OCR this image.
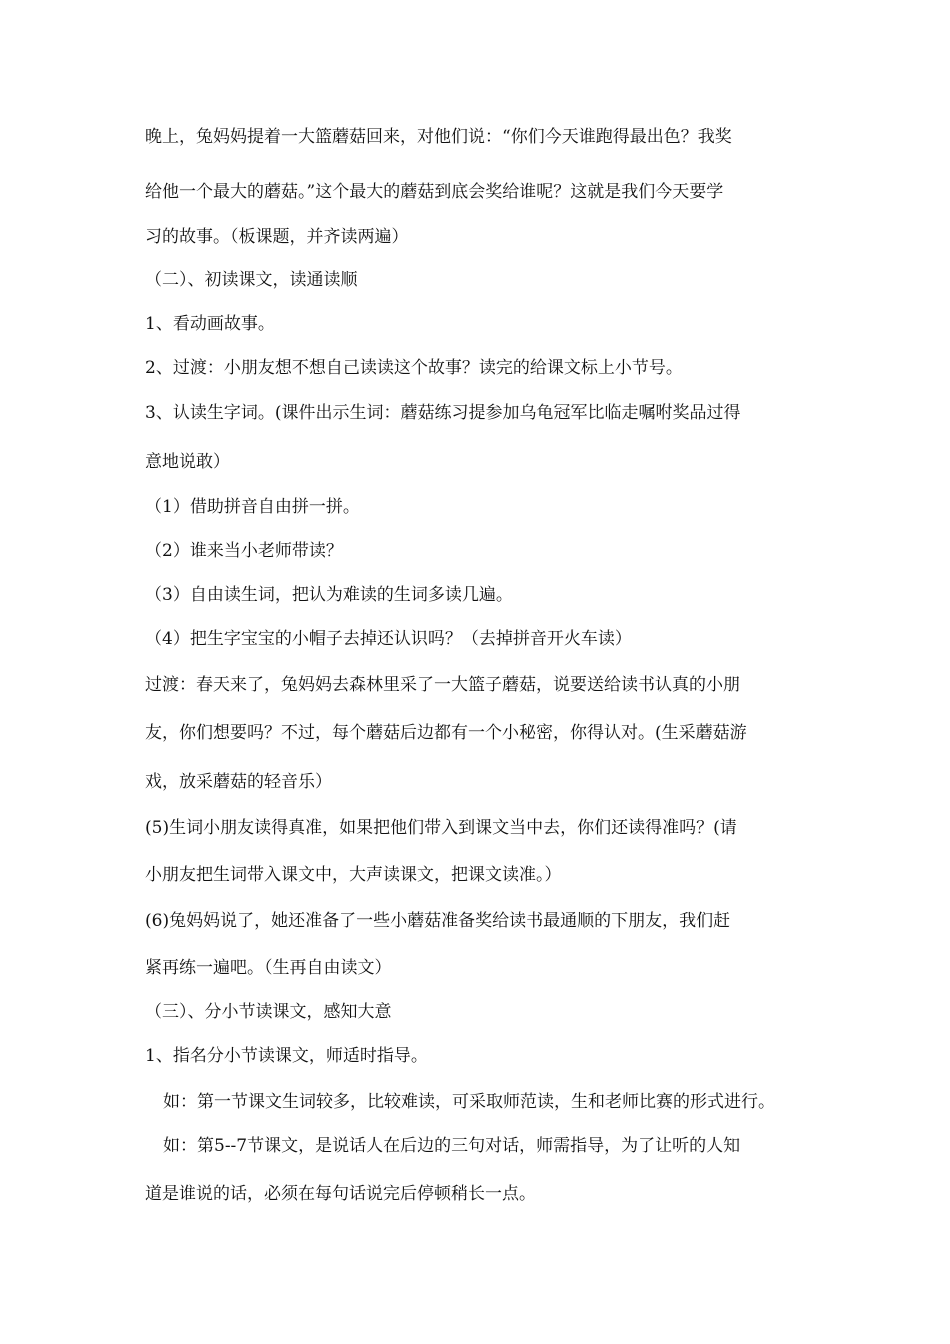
晚上，兔妈妈提着一大篮蘑菇回来，对他们说：“你们今天谁跑得最出色？我奖
给他一个最大的蘑菇。”这个最大的蘑菇到底会奖给谁呢？这就是我们今天要学
习的故事。（板课题，并齐读两遍）
（二）、初读课文，读通读顺
1、看动画故事。
2、过渡：小朋友想不想自己读读这个故事？读完的给课文标上小节号。
3、认读生字词。(课件出示生词：蘑菇练习提参加乌龟冠军比临走嘱咐奖品过得
意地说敢）
（1）借助拼音自由拼一拼。
（2）谁来当小老师带读？
（3）自由读生词，把认为难读的生词多读几遍。
（4）把生字宝宝的小帽子去掉还认识吗？（去掉拼音开火车读）
过渡：春天来了，兔妈妈去森林里采了一大篮子蘑菇，说要送给读书认真的小朋
友，你们想要吗？不过，每个蘑菇后边都有一个小秘密，你得认对。(生采蘑菇游
戏，放采蘑菇的轻音乐）
(5)生词小朋友读得真准，如果把他们带入到课文当中去，你们还读得准吗？(请
小朋友把生词带入课文中，大声读课文，把课文读准。）
(6)兔妈妈说了，她还准备了一些小蘑菇准备奖给读书最通顺的下朋友，我们赶
紧再练一遍吧。（生再自由读文）
（三）、分小节读课文，感知大意
1、指名分小节读课文，师适时指导。
如：第一节课文生词较多，比较难读，可采取师范读，生和老师比赛的形式进行。
如：第5--7节课文，是说话人在后边的三句对话，师需指导，为了让听的人知
道是谁说的话，必须在每句话说完后停顿稍长一点。
